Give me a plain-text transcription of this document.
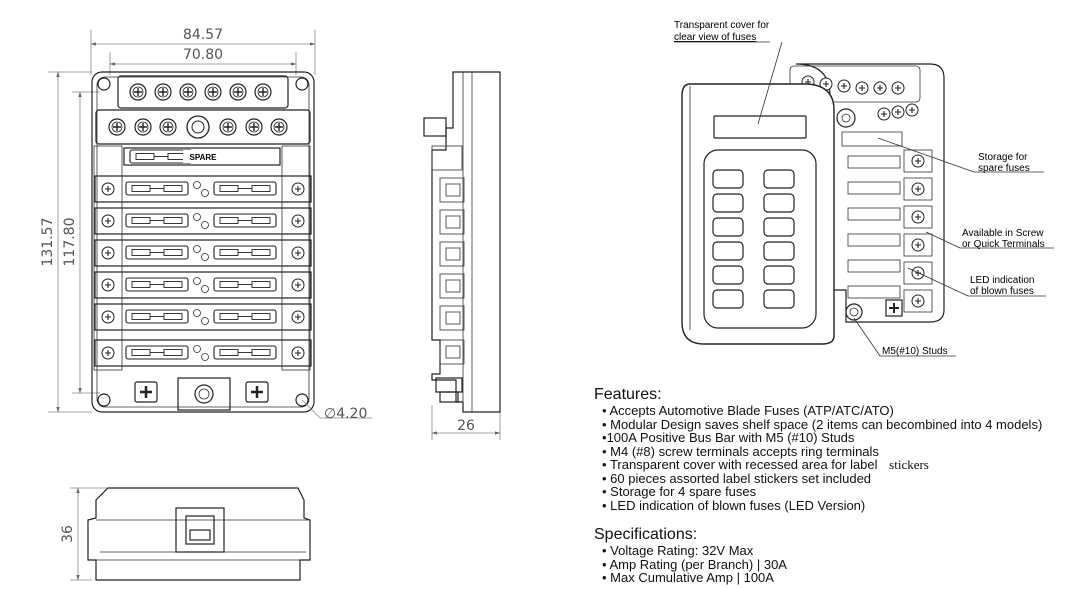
84.57
70.80
131.57 117.80
SPARE
∅4.20
26
36
Transparent cover for
clear view of fuses
Storage for
spare fuses
Available in Screw
or Quick Terminals
LED indication
of blown fuses
M5(#10) Studs
Features:
• Accepts Automotive Blade Fuses (ATP/ATC/ATO)
• Modular Design saves shelf space (2 items can becombined into 4 models)
•100A Positive Bus Bar with M5 (#10) Studs
• M4 (#8) screw terminals accepts ring terminals
• Transparent cover with recessed area for label stickers
• 60 pieces assorted label stickers set included
• Storage for 4 spare fuses
• LED indication of blown fuses (LED Version)
Specifications:
• Voltage Rating: 32V Max
• Amp Rating (per Branch) | 30A
• Max Cumulative Amp | 100A
